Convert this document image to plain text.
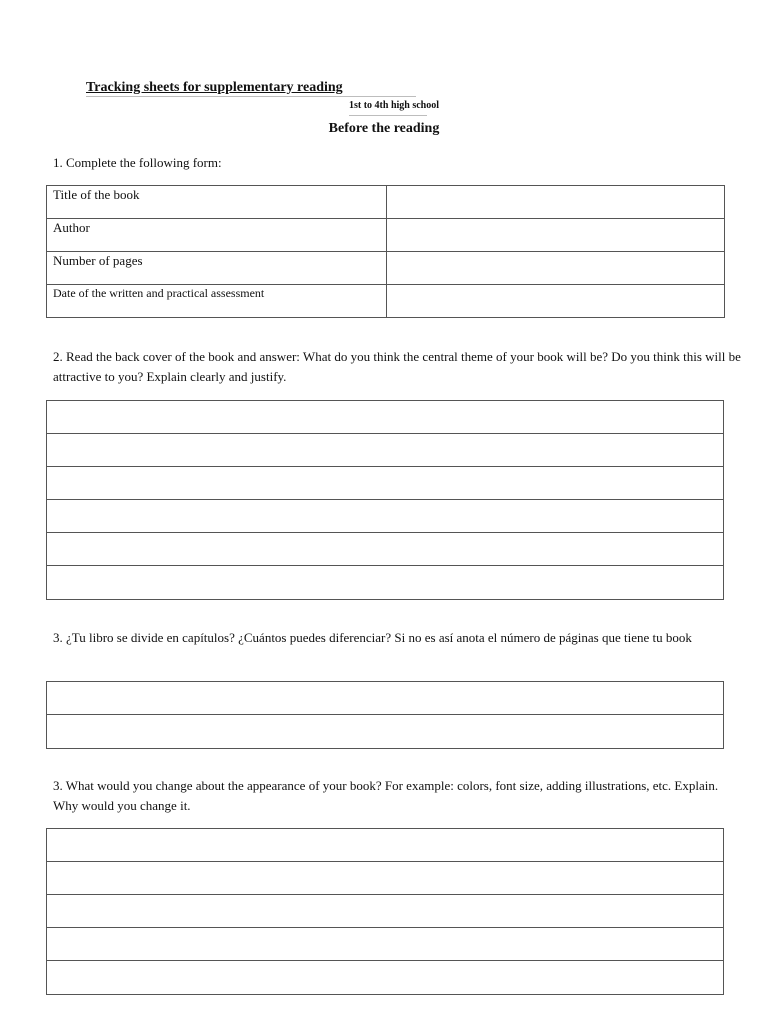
Tracking sheets for supplementary reading
1st to 4th high school
Before the reading
1. Complete the following form:
Title of the book	

Author	

Number of pages	

Date of the written and practical assessment	

2. Read the back cover of the book and answer: What do you think the central theme of your book will be? Do you think this will be attractive to you? Explain clearly and justify.
3. ¿Tu libro se divide en capítulos? ¿Cuántos puedes diferenciar? Si no es así anota el número de páginas que tiene tu book
3. What would you change about the appearance of your book? For example: colors, font size, adding illustrations, etc. Explain. Why would you change it.
